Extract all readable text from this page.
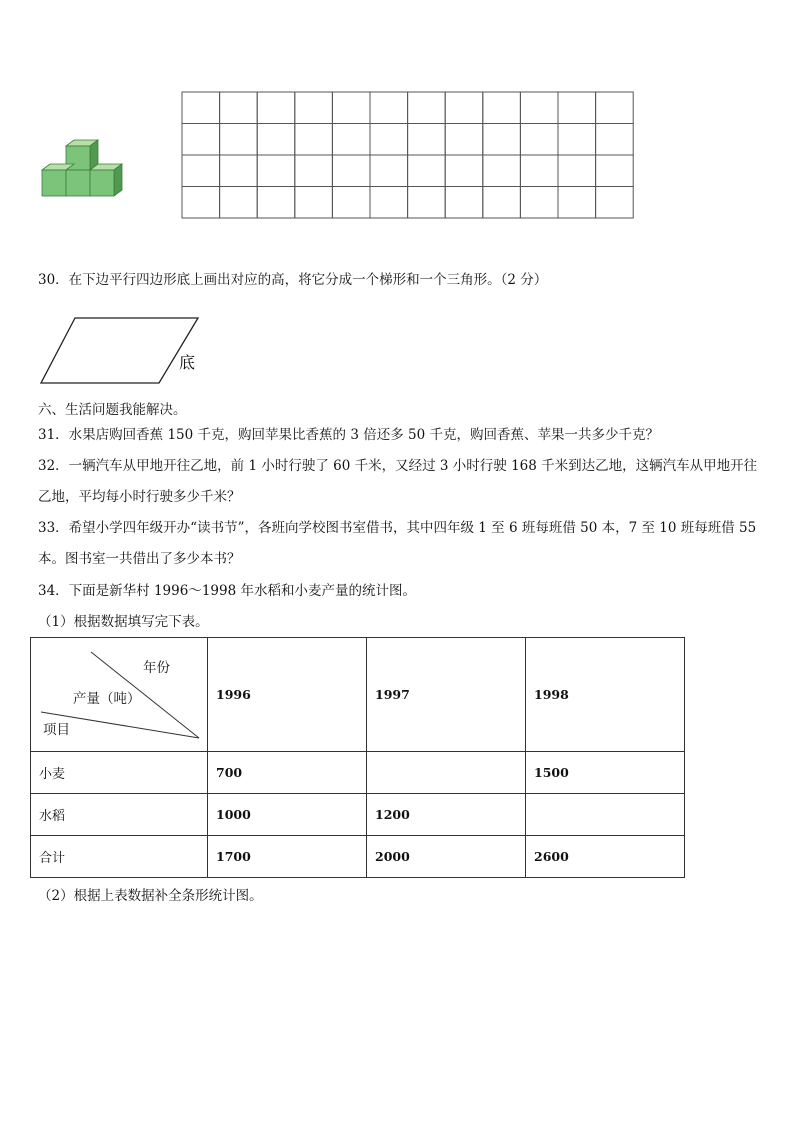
30．在下边平行四边形底上画出对应的高，将它分成一个梯形和一个三角形。（2 分）
底
六、生活问题我能解决。
31．水果店购回香蕉 150 千克，购回苹果比香蕉的 3 倍还多 50 千克，购回香蕉、苹果一共多少千克？
32．一辆汽车从甲地开往乙地，前 1 小时行驶了 60 千米，又经过 3 小时行驶 168 千米到达乙地，这辆汽车从甲地开往
乙地，平均每小时行驶多少千米？
33．希望小学四年级开办“读书节”，各班向学校图书室借书，其中四年级 1 至 6 班每班借 50 本，7 至 10 班每班借 55
本。图书室一共借出了多少本书？
34．下面是新华村 1996～1998 年水稻和小麦产量的统计图。
（1）根据数据填写完下表。
年份
产量（吨）
项目	1996	1997	1998
小麦	700		1500
水稻	1000	1200	
合计	1700	2000	2600
（2）根据上表数据补全条形统计图。
